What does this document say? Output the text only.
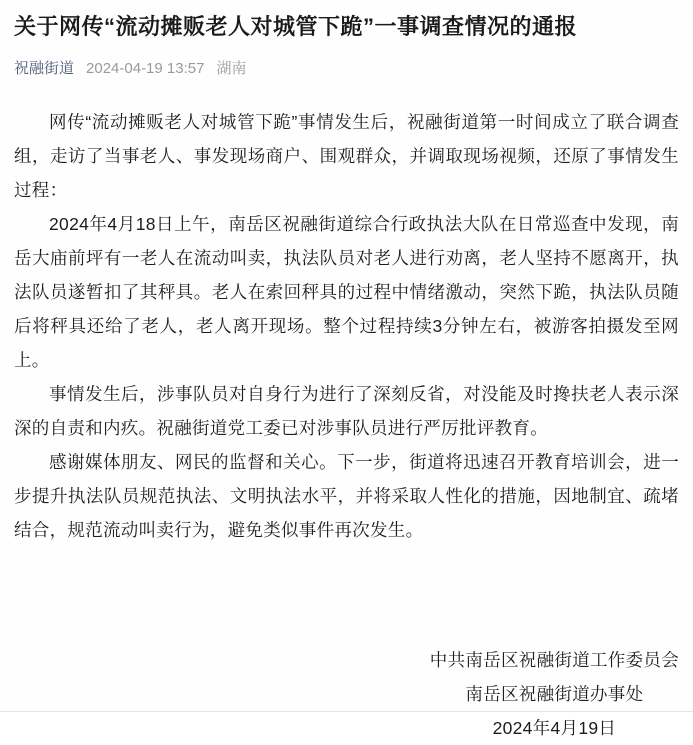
关于网传“流动摊贩老人对城管下跪”一事调查情况的通报
祝融街道 2024-04-19 13:57 湖南

网传“流动摊贩老人对城管下跪”事情发生后，祝融街道第一时间成立了联合调查组，走访了当事老人、事发现场商户、围观群众，并调取现场视频，还原了事情发生过程：

2024年4月18日上午，南岳区祝融街道综合行政执法大队在日常巡查中发现，南岳大庙前坪有一老人在流动叫卖，执法队员对老人进行劝离，老人坚持不愿离开，执法队员遂暂扣了其秤具。老人在索回秤具的过程中情绪激动，突然下跪，执法队员随后将秤具还给了老人，老人离开现场。整个过程持续3分钟左右，被游客拍摄发至网上。

事情发生后，涉事队员对自身行为进行了深刻反省，对没能及时搀扶老人表示深深的自责和内疚。祝融街道党工委已对涉事队员进行严厉批评教育。

感谢媒体朋友、网民的监督和关心。下一步，街道将迅速召开教育培训会，进一步提升执法队员规范执法、文明执法水平，并将采取人性化的措施，因地制宜、疏堵结合，规范流动叫卖行为，避免类似事件再次发生。

中共南岳区祝融街道工作委员会
南岳区祝融街道办事处
2024年4月19日
